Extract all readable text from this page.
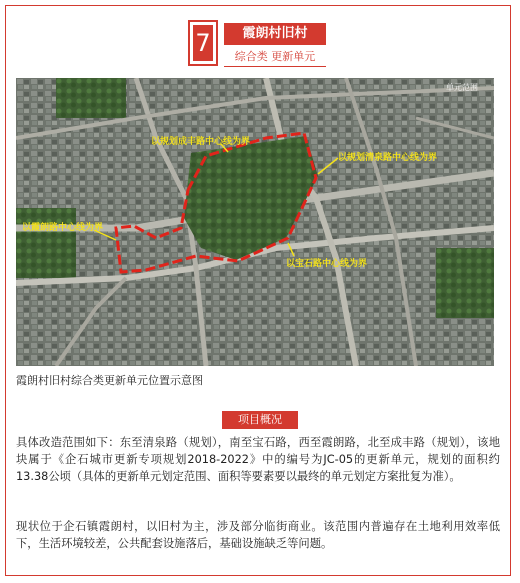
7	霞朗村旧村
综合类 更新单元
单元范围
以规划成丰路中心线为界
以规划清泉路中心线为界
以霞朗路中心线为界
以宝石路中心线为界
霞朗村旧村综合类更新单元位置示意图
项目概况

具体改造范围如下：东至清泉路（规划），南至宝石路，西至霞朗路，北至成丰路（规划），该地块属于《企石城市更新专项规划2018-2022》中的编号为JC-05的更新单元，规划的面积约13.38公顷（具体的更新单元划定范围、面积等要素要以最终的单元划定方案批复为准）。

现状位于企石镇霞朗村，以旧村为主，涉及部分临街商业。该范围内普遍存在土地利用效率低下，生活环境较差，公共配套设施落后，基础设施缺乏等问题。
